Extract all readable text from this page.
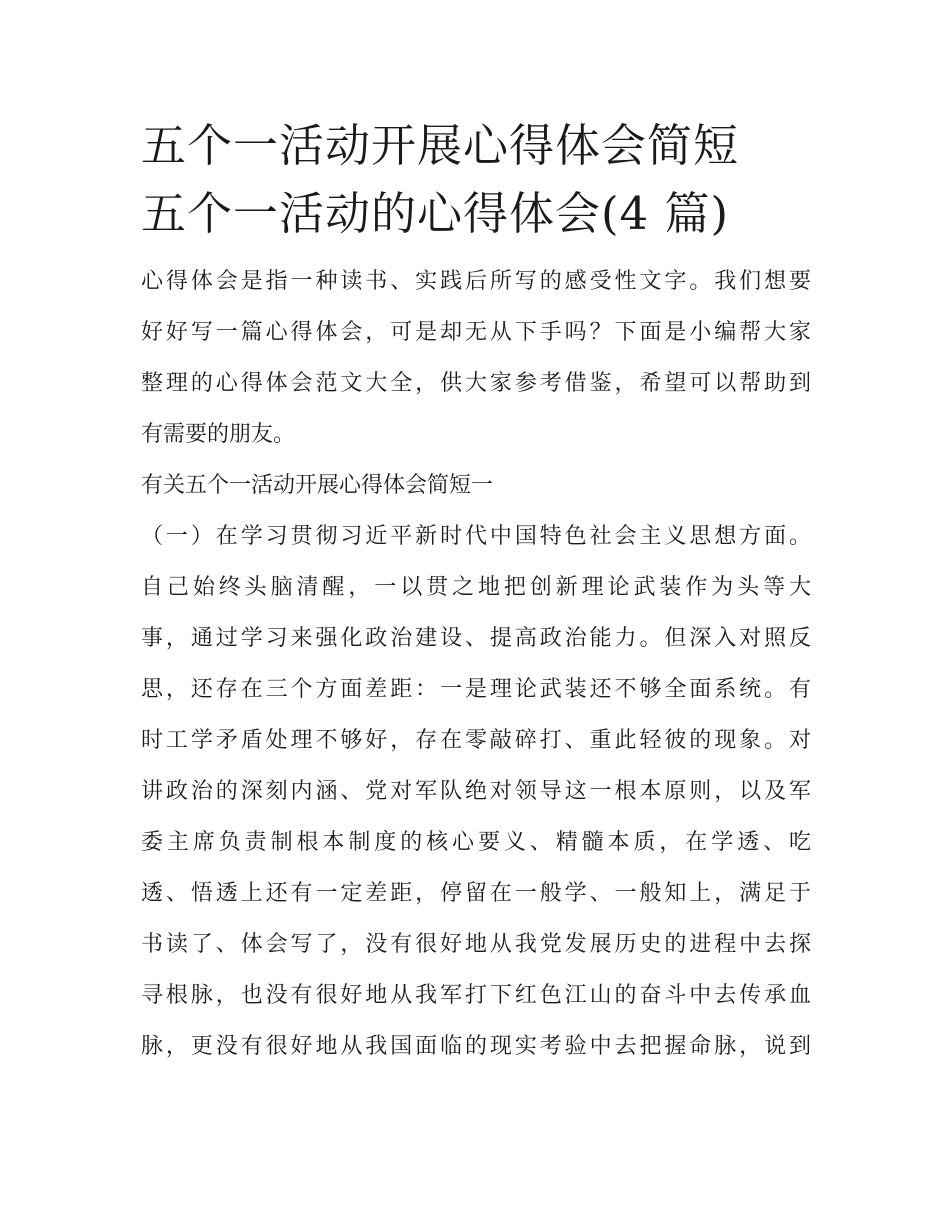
五个一活动开展心得体会简短
五个一活动的心得体会(4 篇)

心得体会是指一种读书、实践后所写的感受性文字。我们想要
好好写一篇心得体会，可是却无从下手吗？下面是小编帮大家
整理的心得体会范文大全，供大家参考借鉴，希望可以帮助到
有需要的朋友。

有关五个一活动开展心得体会简短一

（一）在学习贯彻习近平新时代中国特色社会主义思想方面。
自己始终头脑清醒，一以贯之地把创新理论武装作为头等大
事，通过学习来强化政治建设、提高政治能力。但深入对照反
思，还存在三个方面差距：一是理论武装还不够全面系统。有
时工学矛盾处理不够好，存在零敲碎打、重此轻彼的现象。对
讲政治的深刻内涵、党对军队绝对领导这一根本原则，以及军
委主席负责制根本制度的核心要义、精髓本质，在学透、吃
透、悟透上还有一定差距，停留在一般学、一般知上，满足于
书读了、体会写了，没有很好地从我党发展历史的进程中去探
寻根脉，也没有很好地从我军打下红色江山的奋斗中去传承血
脉，更没有很好地从我国面临的现实考验中去把握命脉，说到
